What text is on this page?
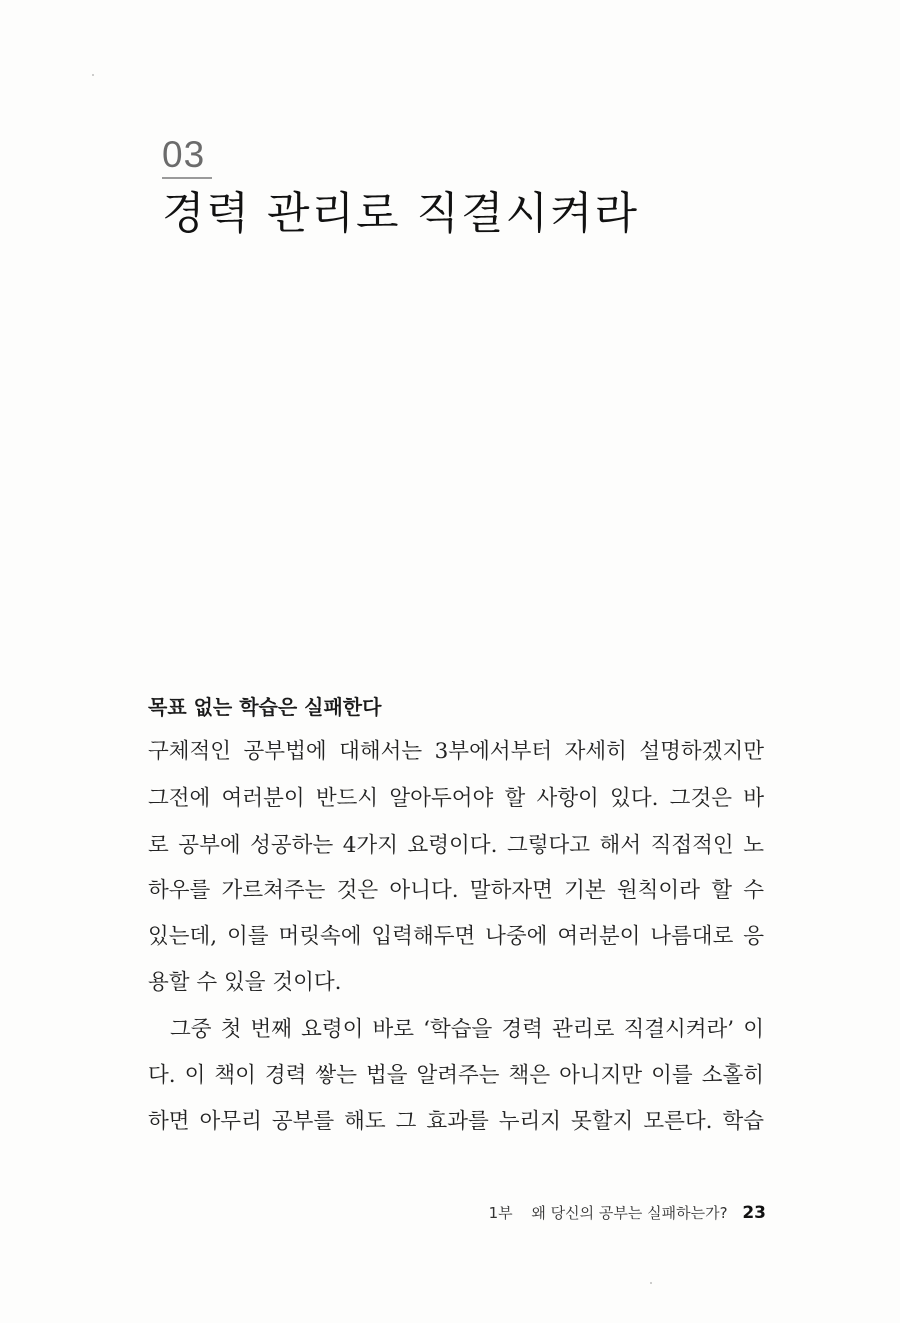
03
경력 관리로 직결시켜라
목표 없는 학습은 실패한다
구체적인 공부법에 대해서는 3부에서부터 자세히 설명하겠지만
그전에 여러분이 반드시 알아두어야 할 사항이 있다. 그것은 바
로 공부에 성공하는 4가지 요령이다. 그렇다고 해서 직접적인 노
하우를 가르쳐주는 것은 아니다. 말하자면 기본 원칙이라 할 수
있는데, 이를 머릿속에 입력해두면 나중에 여러분이 나름대로 응
용할 수 있을 것이다.
그중 첫 번째 요령이 바로 ‘학습을 경력 관리로 직결시켜라’ 이
다. 이 책이 경력 쌓는 법을 알려주는 책은 아니지만 이를 소홀히
하면 아무리 공부를 해도 그 효과를 누리지 못할지 모른다. 학습
1부 왜 당신의 공부는 실패하는가? 23
